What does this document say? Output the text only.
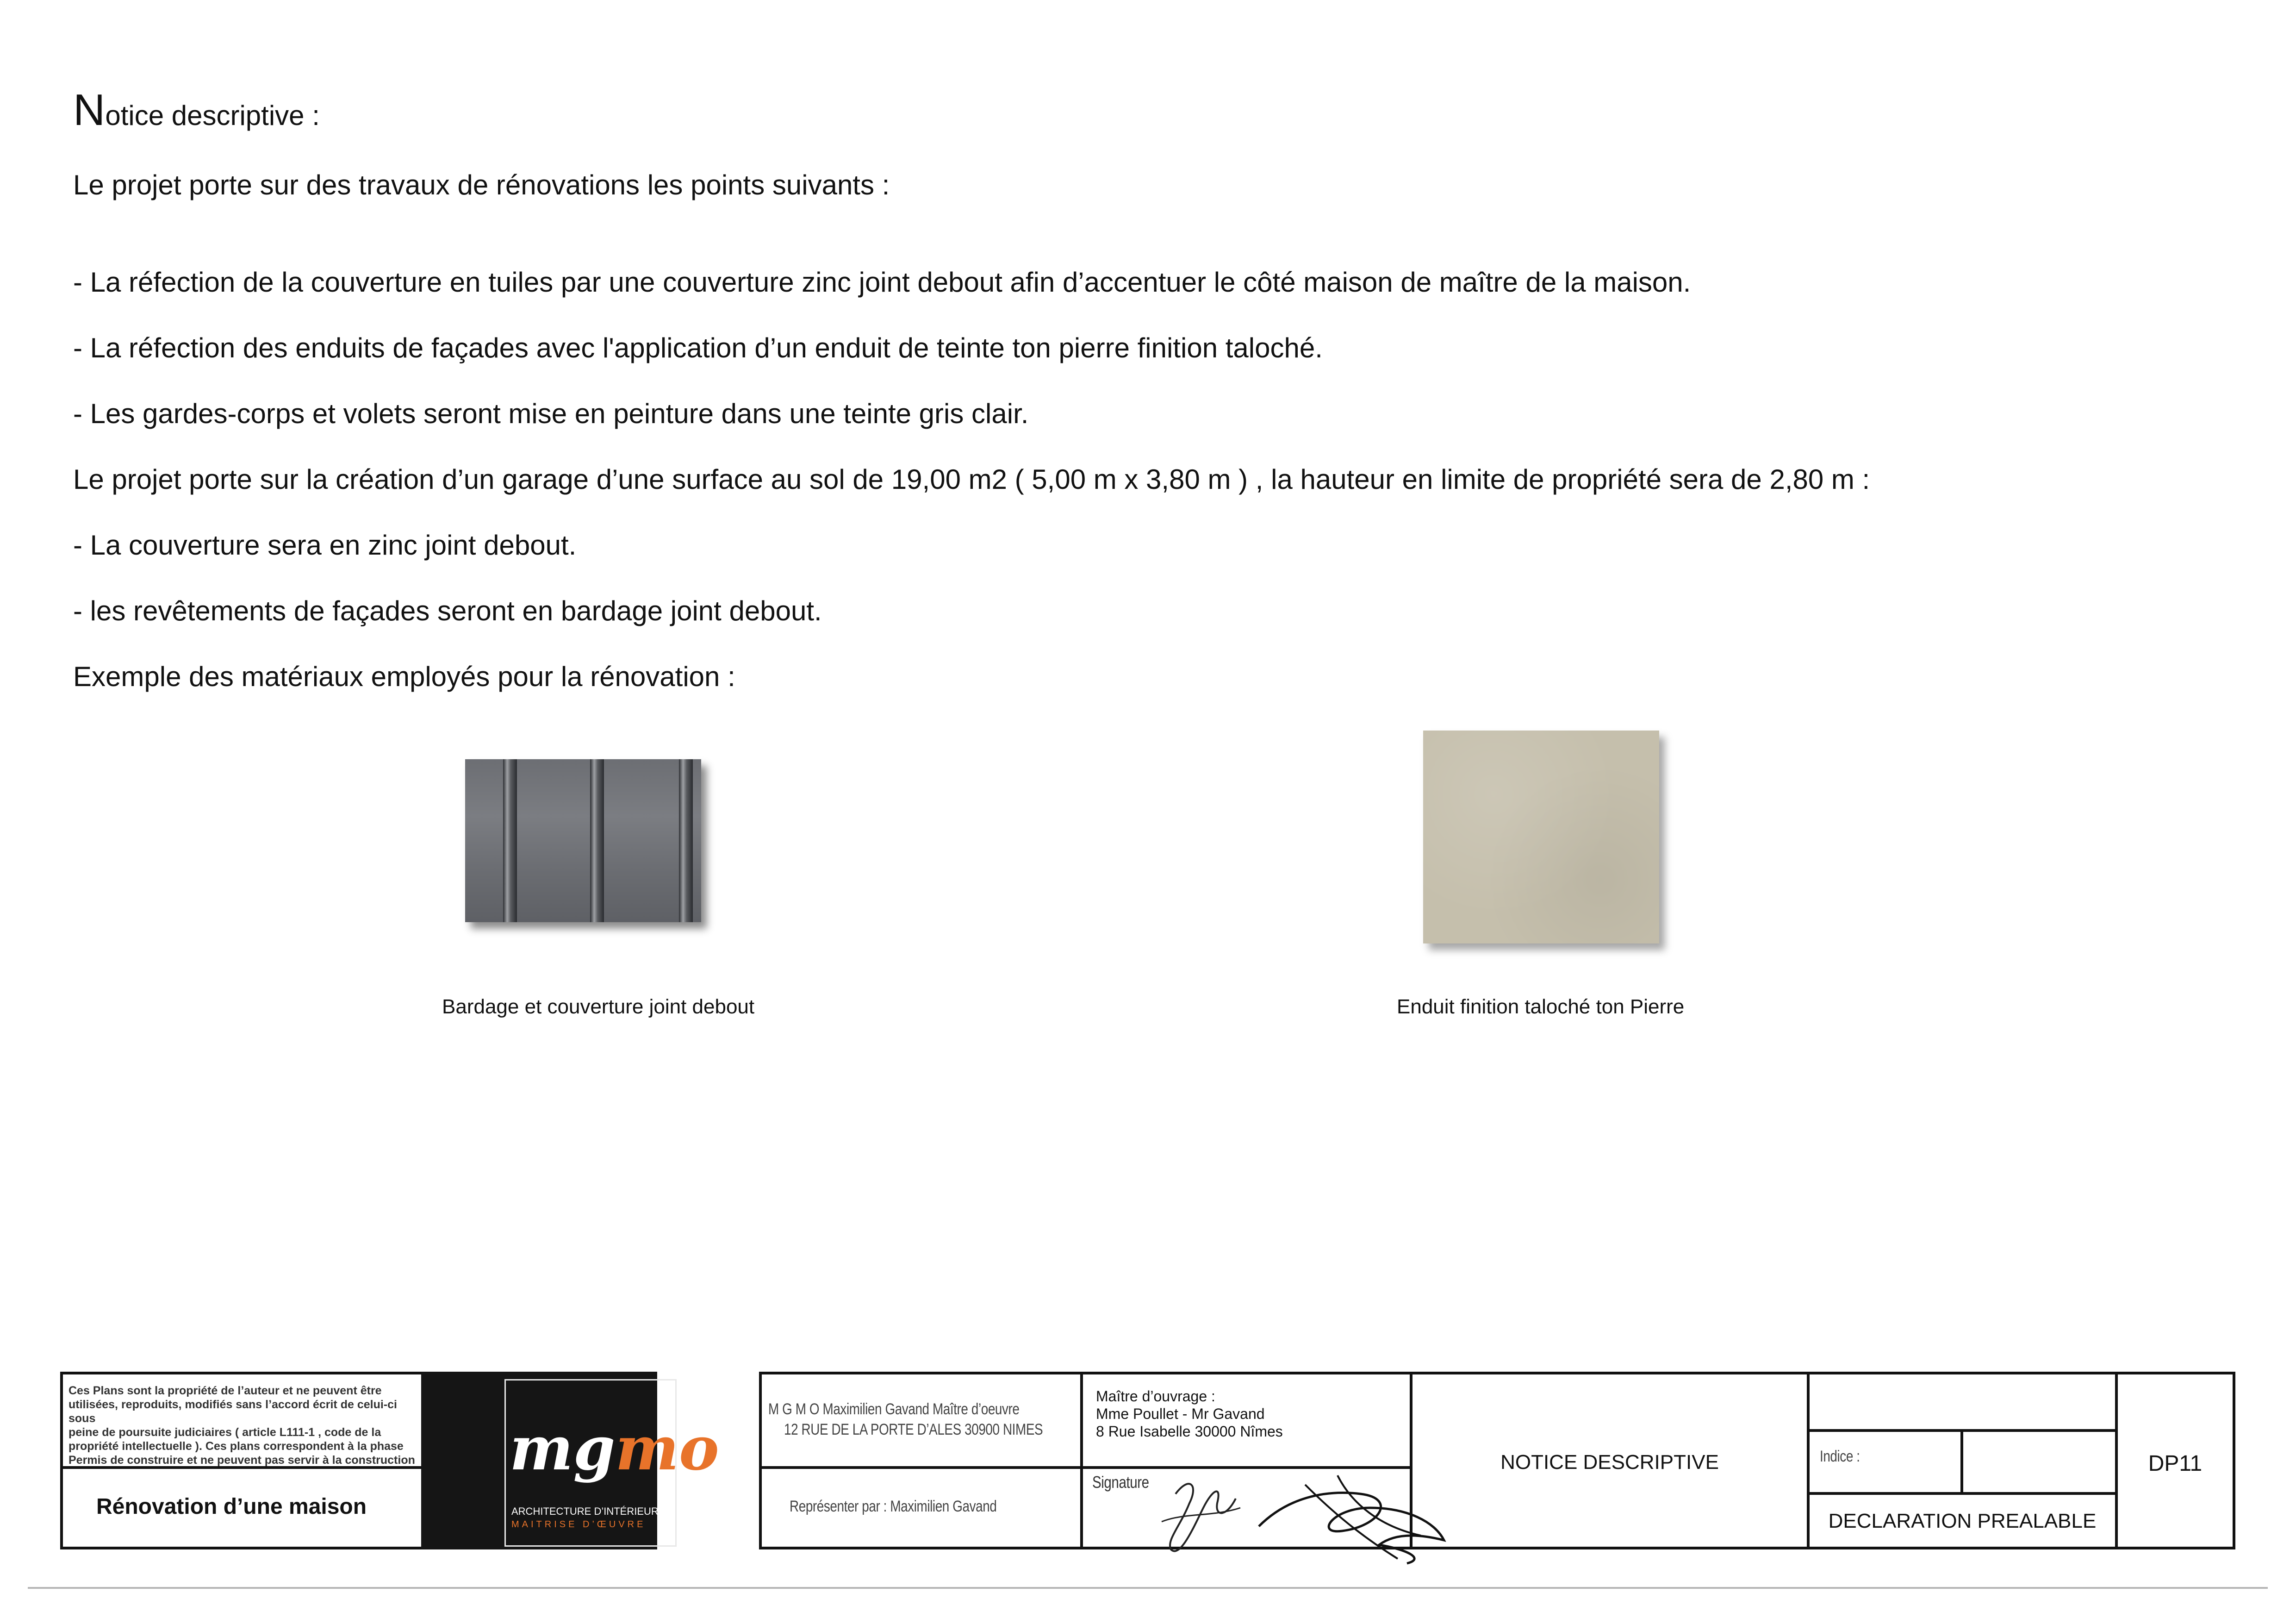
Notice descriptive :
Le projet porte sur des travaux de rénovations les points suivants :
- La réfection de la couverture en tuiles par une couverture zinc joint debout afin d’accentuer le côté maison de maître de la maison.
- La réfection des enduits de façades avec l'application d’un enduit de teinte ton pierre finition taloché.
- Les gardes-corps et volets seront mise en peinture dans une teinte gris clair.
Le projet porte sur la création d’un garage d’une surface au sol de 19,00 m2 ( 5,00 m x 3,80 m ) , la hauteur en limite de propriété sera de 2,80 m :
- La couverture sera en zinc joint debout.
- les revêtements de façades seront en bardage joint debout.
Exemple des matériaux employés pour la rénovation :
Bardage et couverture joint debout	Enduit finition taloché ton Pierre
Ces Plans sont la propriété de l’auteur et ne peuvent être
utilisées, reproduits, modifiés sans l’accord écrit de celui-ci sous
peine de poursuite judiciaires ( article L111-1 , code de la
propriété intellectuelle ). Ces plans correspondent à la phase
Permis de construire et ne peuvent pas servir à la construction
Rénovation d’une maison
mgmo
ARCHITECTURE D’INTÉRIEUR
MAITRISE D’ŒUVRE
M G M O Maximilien Gavand Maître d’oeuvre
12 RUE DE LA PORTE D’ALES 30900 NIMES
Représenter par : Maximilien Gavand
Maître d’ouvrage :
Mme Poullet - Mr Gavand
8 Rue Isabelle 30000 Nîmes
Signature
NOTICE DESCRIPTIVE	Indice :
DECLARATION PREALABLE
DP11
